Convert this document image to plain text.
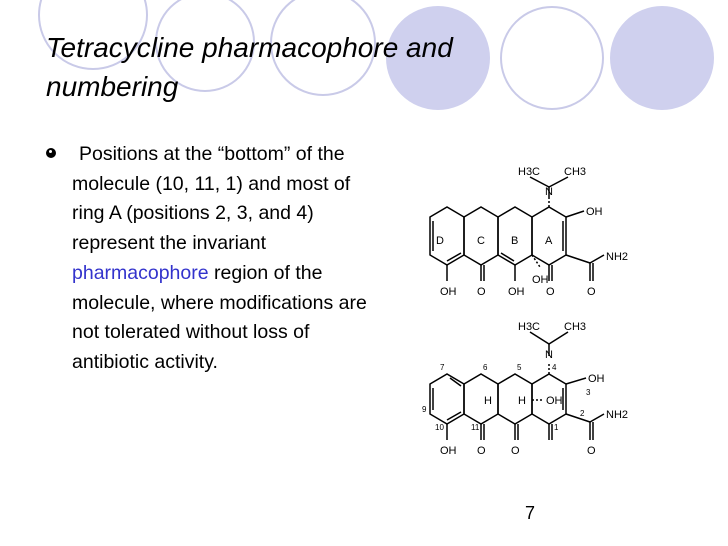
Tetracycline pharmacophore and numbering
Positions at the “bottom” of the molecule (10, 11, 1) and most of ring A (positions 2, 3, and 4) represent the invariant pharmacophore region of the molecule, where modifications are not tolerated without loss of antibiotic activity.
D	C B A
H3C CH3
N
OH
NH2
OH O OH
OH
O	O
H3C CH3
N
OH
H H OH
NH2
OH O O	O
7	6	5	4
3
9
10	11	1
2
7
